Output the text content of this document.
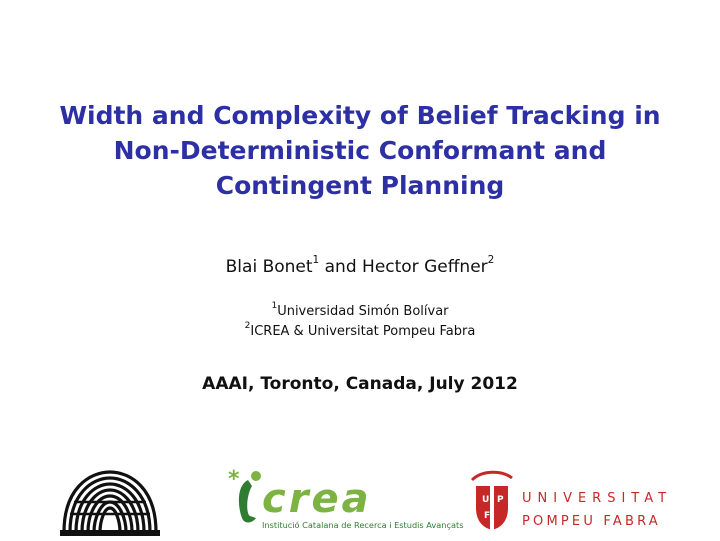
Width and Complexity of Belief Tracking in
Non-Deterministic Conformant and
Contingent Planning
Blai Bonet$^1$ and Hector Geffner$^2$
$^1$Universidad Simón Bolívar
$^2$ICREA & Universitat Pompeu Fabra
AAAI, Toronto, Canada, July 2012
* crea
Institució Catalana de Recerca i Estudis Avançats
U P
F
UNIVERSITAT
POMPEU FABRA
